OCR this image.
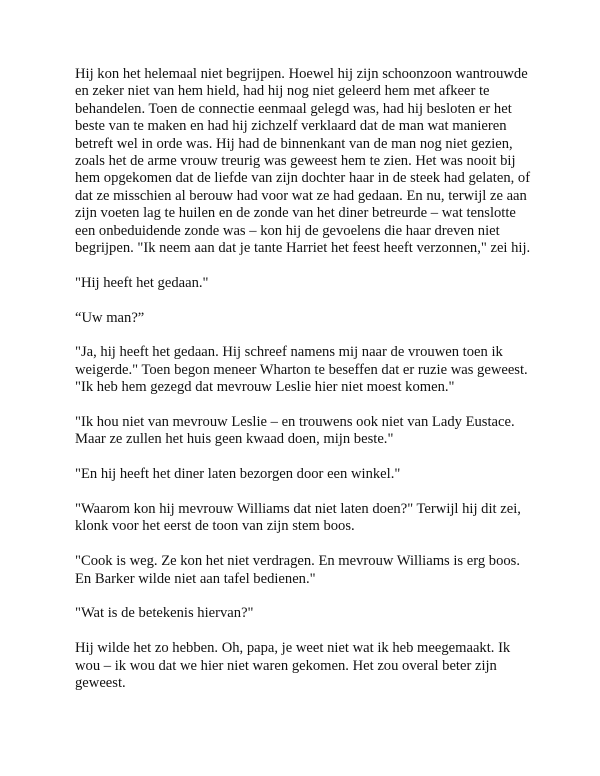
Hij kon het helemaal niet begrijpen. Hoewel hij zijn schoonzoon wantrouwde en zeker niet van hem hield, had hij nog niet geleerd hem met afkeer te behandelen. Toen de connectie eenmaal gelegd was, had hij besloten er het beste van te maken en had hij zichzelf verklaard dat de man wat manieren betreft wel in orde was. Hij had de binnenkant van de man nog niet gezien, zoals het de arme vrouw treurig was geweest hem te zien. Het was nooit bij hem opgekomen dat de liefde van zijn dochter haar in de steek had gelaten, of dat ze misschien al berouw had voor wat ze had gedaan. En nu, terwijl ze aan zijn voeten lag te huilen en de zonde van het diner betreurde – wat tenslotte een onbeduidende zonde was – kon hij de gevoelens die haar dreven niet begrijpen. "Ik neem aan dat je tante Harriet het feest heeft verzonnen," zei hij.

"Hij heeft het gedaan."

“Uw man?”

"Ja, hij heeft het gedaan. Hij schreef namens mij naar de vrouwen toen ik weigerde." Toen begon meneer Wharton te beseffen dat er ruzie was geweest. "Ik heb hem gezegd dat mevrouw Leslie hier niet moest komen."

"Ik hou niet van mevrouw Leslie – en trouwens ook niet van Lady Eustace. Maar ze zullen het huis geen kwaad doen, mijn beste."

"En hij heeft het diner laten bezorgen door een winkel."

"Waarom kon hij mevrouw Williams dat niet laten doen?" Terwijl hij dit zei, klonk voor het eerst de toon van zijn stem boos.

"Cook is weg. Ze kon het niet verdragen. En mevrouw Williams is erg boos. En Barker wilde niet aan tafel bedienen."

"Wat is de betekenis hiervan?"

Hij wilde het zo hebben. Oh, papa, je weet niet wat ik heb meegemaakt. Ik wou – ik wou dat we hier niet waren gekomen. Het zou overal beter zijn geweest.
